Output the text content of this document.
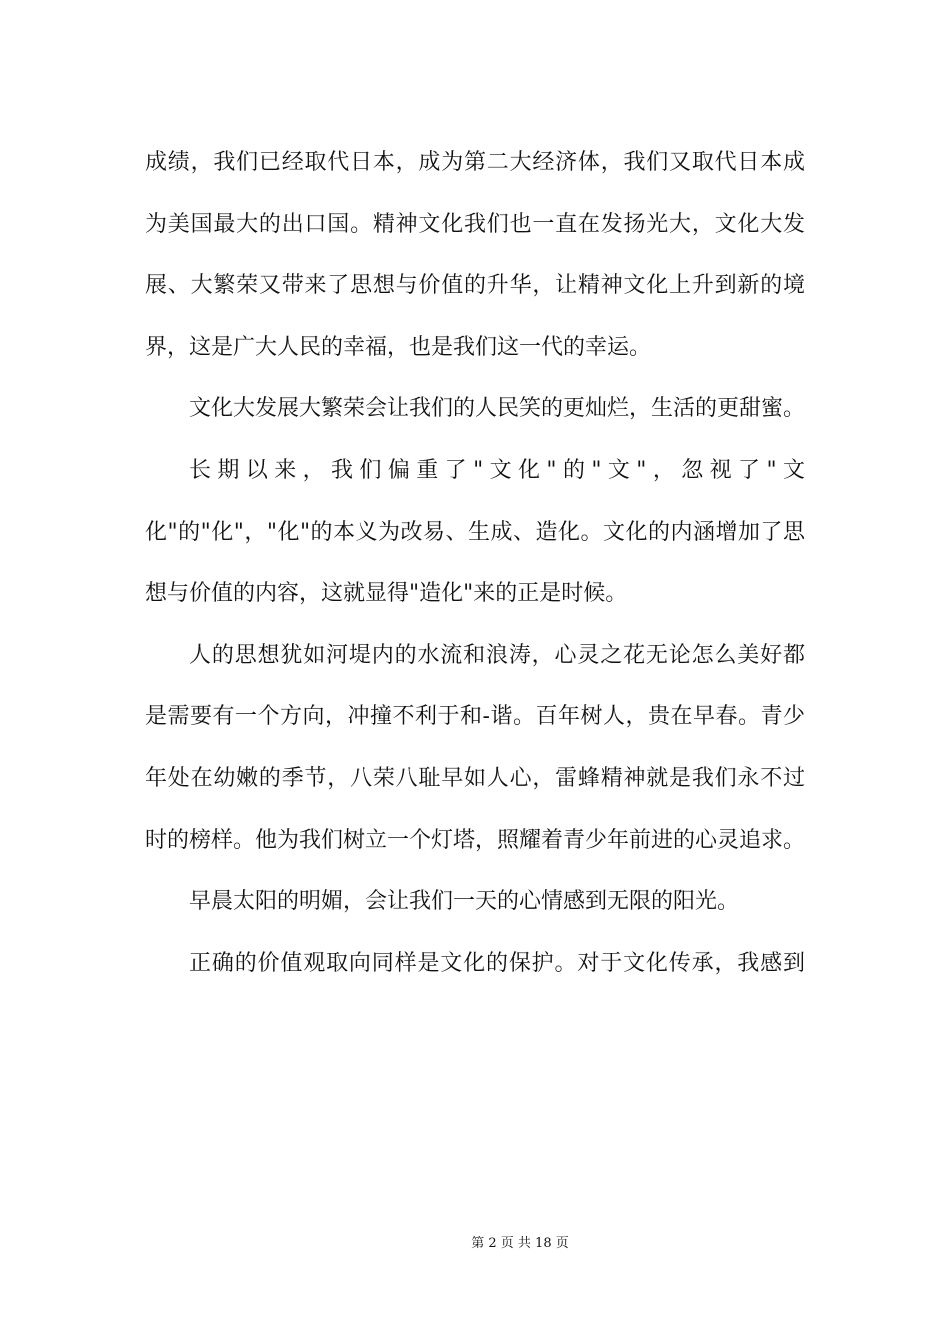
成绩，我们已经取代日本，成为第二大经济体，我们又取代日本成
为美国最大的出口国。精神文化我们也一直在发扬光大，文化大发
展、大繁荣又带来了思想与价值的升华，让精神文化上升到新的境
界，这是广大人民的幸福，也是我们这一代的幸运。
文化大发展大繁荣会让我们的人民笑的更灿烂，生活的更甜蜜。
长期以来，我们偏重了"文化"的"文"，忽视了"文
化"的"化"，"化"的本义为改易、生成、造化。文化的内涵增加了思
想与价值的内容，这就显得"造化"来的正是时候。
人的思想犹如河堤内的水流和浪涛，心灵之花无论怎么美好都
是需要有一个方向，冲撞不利于和-谐。百年树人，贵在早春。青少
年处在幼嫩的季节，八荣八耻早如人心，雷蜂精神就是我们永不过
时的榜样。他为我们树立一个灯塔，照耀着青少年前进的心灵追求。
早晨太阳的明媚，会让我们一天的心情感到无限的阳光。
正确的价值观取向同样是文化的保护。对于文化传承，我感到
第 2 页 共 18 页
